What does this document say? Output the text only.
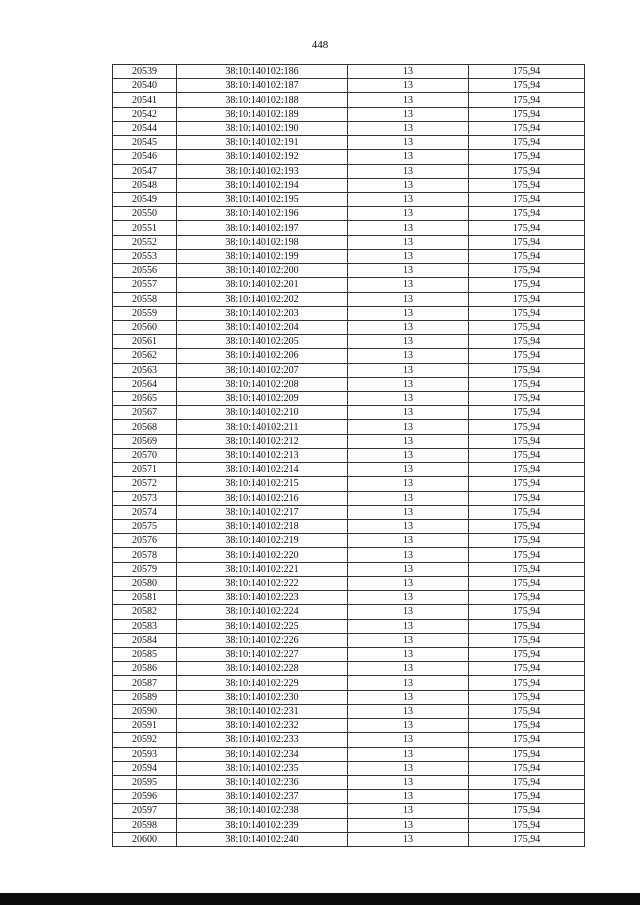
448
20539	38:10:140102:186	13	175,94
20540	38:10:140102:187	13	175,94
20541	38:10:140102:188	13	175,94
20542	38:10:140102:189	13	175,94
20544	38:10:140102:190	13	175,94
20545	38:10:140102:191	13	175,94
20546	38:10:140102:192	13	175,94
20547	38:10:140102:193	13	175,94
20548	38:10:140102:194	13	175,94
20549	38:10:140102:195	13	175,94
20550	38:10:140102:196	13	175,94
20551	38:10:140102:197	13	175,94
20552	38:10:140102:198	13	175,94
20553	38:10:140102:199	13	175,94
20556	38:10:140102:200	13	175,94
20557	38:10:140102:201	13	175,94
20558	38:10:140102:202	13	175,94
20559	38:10:140102:203	13	175,94
20560	38:10:140102:204	13	175,94
20561	38:10:140102:205	13	175,94
20562	38:10:140102:206	13	175,94
20563	38:10:140102:207	13	175,94
20564	38:10:140102:208	13	175,94
20565	38:10:140102:209	13	175,94
20567	38:10:140102:210	13	175,94
20568	38:10:140102:211	13	175,94
20569	38:10:140102:212	13	175,94
20570	38:10:140102:213	13	175,94
20571	38:10:140102:214	13	175,94
20572	38:10:140102:215	13	175,94
20573	38:10:140102:216	13	175,94
20574	38:10:140102:217	13	175,94
20575	38:10:140102:218	13	175,94
20576	38:10:140102:219	13	175,94
20578	38:10:140102:220	13	175,94
20579	38:10:140102:221	13	175,94
20580	38:10:140102:222	13	175,94
20581	38:10:140102:223	13	175,94
20582	38:10:140102:224	13	175,94
20583	38:10:140102:225	13	175,94
20584	38:10:140102:226	13	175,94
20585	38:10:140102:227	13	175,94
20586	38:10:140102:228	13	175,94
20587	38:10:140102:229	13	175,94
20589	38:10:140102:230	13	175,94
20590	38:10:140102:231	13	175,94
20591	38:10:140102:232	13	175,94
20592	38:10:140102:233	13	175,94
20593	38:10:140102:234	13	175,94
20594	38:10:140102:235	13	175,94
20595	38:10:140102:236	13	175,94
20596	38:10:140102:237	13	175,94
20597	38:10:140102:238	13	175,94
20598	38:10:140102:239	13	175,94
20600	38:10:140102:240	13	175,94
